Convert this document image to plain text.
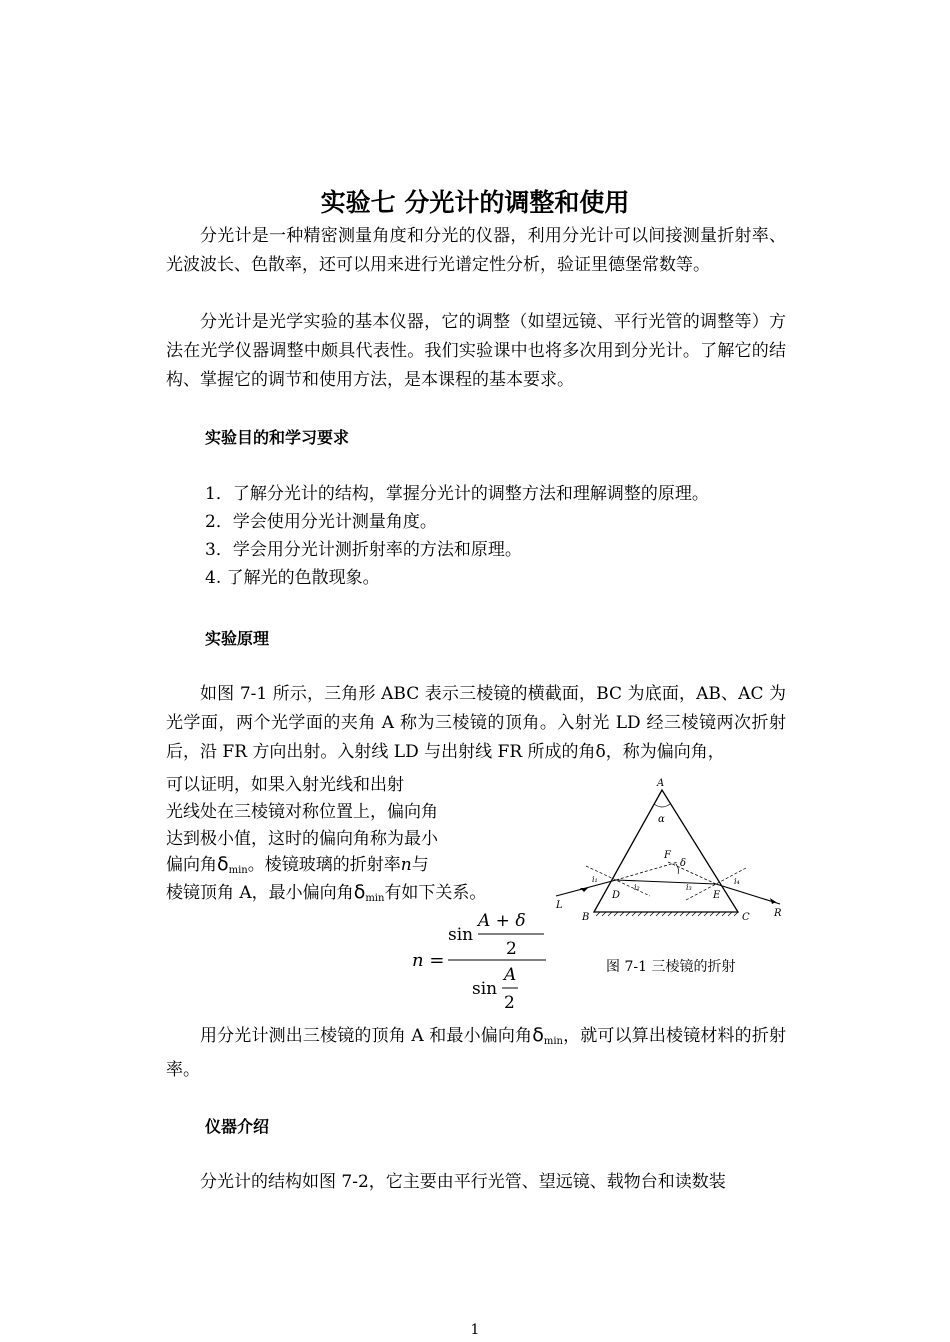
实验七 分光计的调整和使用
分光计是一种精密测量角度和分光的仪器，利用分光计可以间接测量折射率、光波波长、色散率，还可以用来进行光谱定性分析，验证里德堡常数等。
分光计是光学实验的基本仪器，它的调整（如望远镜、平行光管的调整等）方法在光学仪器调整中颇具代表性。我们实验课中也将多次用到分光计。了解它的结构、掌握它的调节和使用方法，是本课程的基本要求。
实验目的和学习要求
1．了解分光计的结构，掌握分光计的调整方法和理解调整的原理。
2．学会使用分光计测量角度。
3．学会用分光计测折射率的方法和原理。
4. 了解光的色散现象。
实验原理
如图 7-1 所示，三角形 ABC 表示三棱镜的横截面，BC 为底面，AB、AC 为光学面，两个光学面的夹角 A 称为三棱镜的顶角。入射光 LD 经三棱镜两次折射后，沿 FR 方向出射。入射线 LD 与出射线 FR 所成的角δ，称为偏向角，
可以证明，如果入射光线和出射
光线处在三棱镜对称位置上，偏向角
达到极小值，这时的偏向角称为最小
偏向角$\delta_{min}$。棱镜玻璃的折射率n与
棱镜顶角 A，最小偏向角$\delta_{min}$有如下关系。
n =
sin
A + δ
2
sin
A
2
A
α
F
δ
i₁
i₂	i₃
i₄
D	E
L
B	C R
图 7-1 三棱镜的折射
用分光计测出三棱镜的顶角 A 和最小偏向角$\delta_{min}$，就可以算出棱镜材料的折射率。
仪器介绍
分光计的结构如图 7-2，它主要由平行光管、望远镜、载物台和读数装
1
